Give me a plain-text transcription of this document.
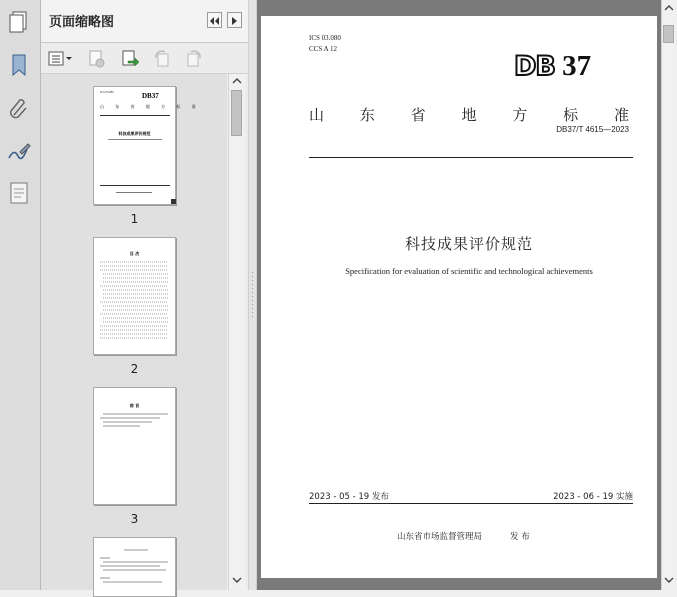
页面缩略图
ICS 03.080	DB37
山 东 省 地 方 标 准
科技成果评价规范
1
目 次
2
前 言
3
ICS 03.080
CCS A 12
DB 37
山 东 省 地 方 标 准
DB37/T 4615—2023
科技成果评价规范
Specification for evaluation of scientific and technological achievements
2023 - 05 - 19 发布	2023 - 06 - 19 实施
山东省市场监督管理局	发 布
